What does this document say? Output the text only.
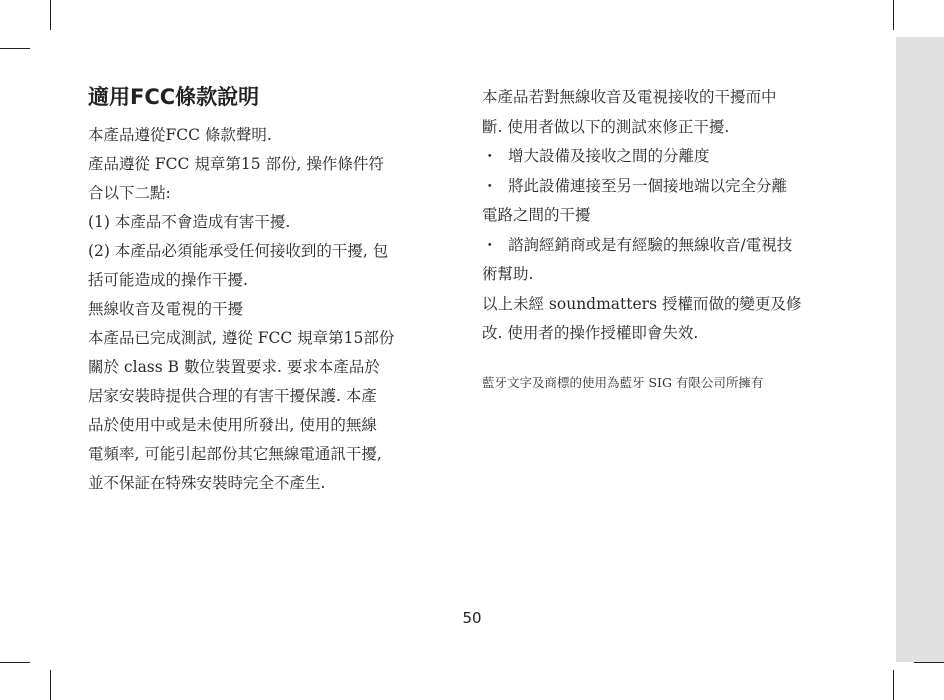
適用FCC條款說明

本產品遵從FCC 條款聲明.

產品遵從 FCC 規章第15 部份, 操作條件符

合以下二點:

(1) 本產品不會造成有害干擾.

(2) 本產品必須能承受任何接收到的干擾, 包

括可能造成的操作干擾.

無線收音及電視的干擾

本產品已完成測試, 遵從 FCC 規章第15部份

關於 class B 數位裝置要求. 要求本產品於

居家安裝時提供合理的有害干擾保護. 本產

品於使用中或是未使用所發出, 使用的無線

電頻率, 可能引起部份其它無線電通訊干擾,

並不保証在特殊安裝時完全不產生.

本產品若對無線收音及電視接收的干擾而中

斷. 使用者做以下的測試來修正干擾.

・ 增大設備及接收之間的分離度

・ 將此設備連接至另一個接地端以完全分離

電路之間的干擾

・ 諮詢經銷商或是有經驗的無線收音/電視技

術幫助.

以上未經 soundmatters 授權而做的變更及修

改. 使用者的操作授權即會失效.

藍牙文字及商標的使用為藍牙 SIG 有限公司所擁有

50
